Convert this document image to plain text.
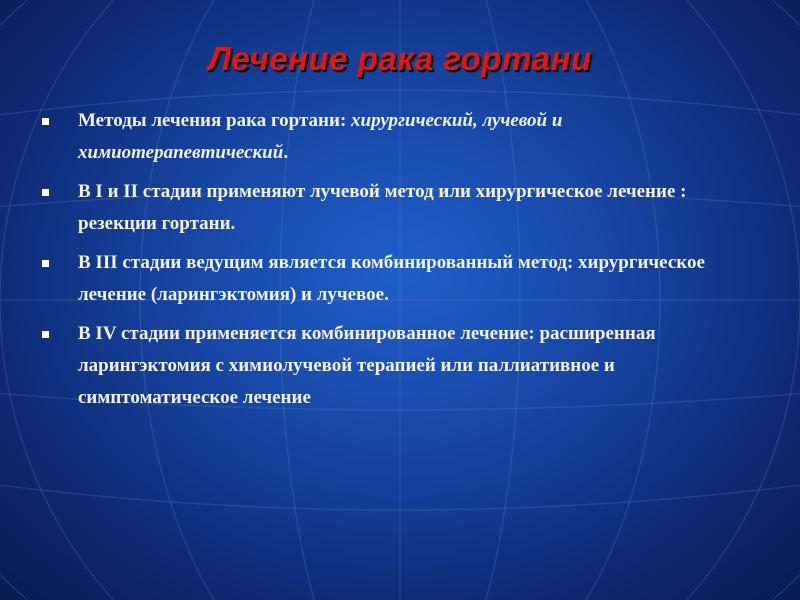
Лечение рака гортани
Методы лечения рака гортани: хирургический, лучевой и химиотерапевтический.
В I и II стадии применяют лучевой метод или хирургическое лечение : резекции гортани.
В III стадии ведущим является комбинированный метод: хирургическое лечение (ларингэктомия) и лучевое.
В IV стадии применяется комбинированное лечение: расширенная ларингэктомия с химиолучевой терапией или паллиативное и симптоматическое лечение
